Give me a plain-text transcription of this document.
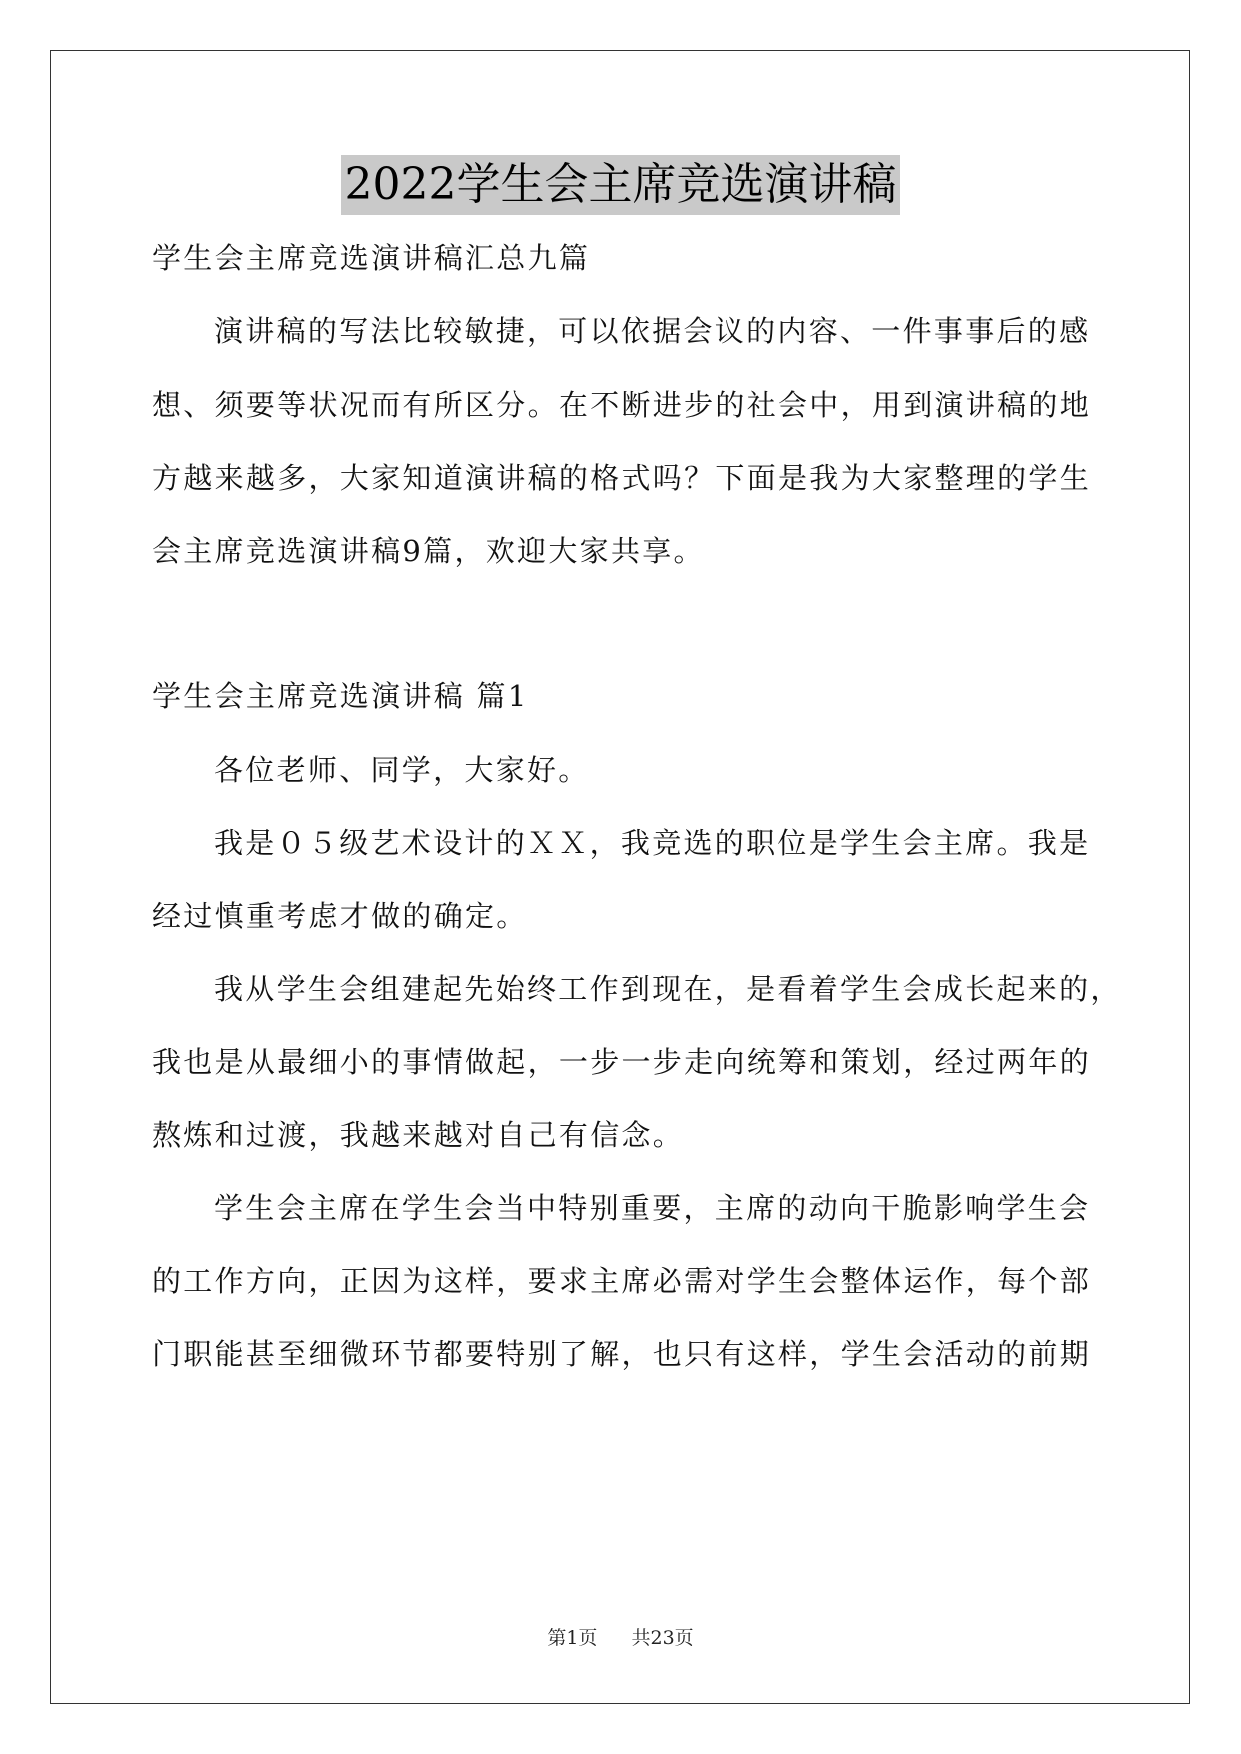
2022学生会主席竞选演讲稿
学生会主席竞选演讲稿汇总九篇
演讲稿的写法比较敏捷，可以依据会议的内容、一件事事后的感
想、须要等状况而有所区分。在不断进步的社会中，用到演讲稿的地
方越来越多，大家知道演讲稿的格式吗？下面是我为大家整理的学生
会主席竞选演讲稿9篇，欢迎大家共享。
学生会主席竞选演讲稿 篇1
各位老师、同学，大家好。
我是０５级艺术设计的ＸＸ，我竞选的职位是学生会主席。我是
经过慎重考虑才做的确定。
我从学生会组建起先始终工作到现在，是看着学生会成长起来的，
我也是从最细小的事情做起，一步一步走向统筹和策划，经过两年的
熬炼和过渡，我越来越对自己有信念。
学生会主席在学生会当中特别重要，主席的动向干脆影响学生会
的工作方向，正因为这样，要求主席必需对学生会整体运作，每个部
门职能甚至细微环节都要特别了解，也只有这样，学生会活动的前期
第1页 共23页
